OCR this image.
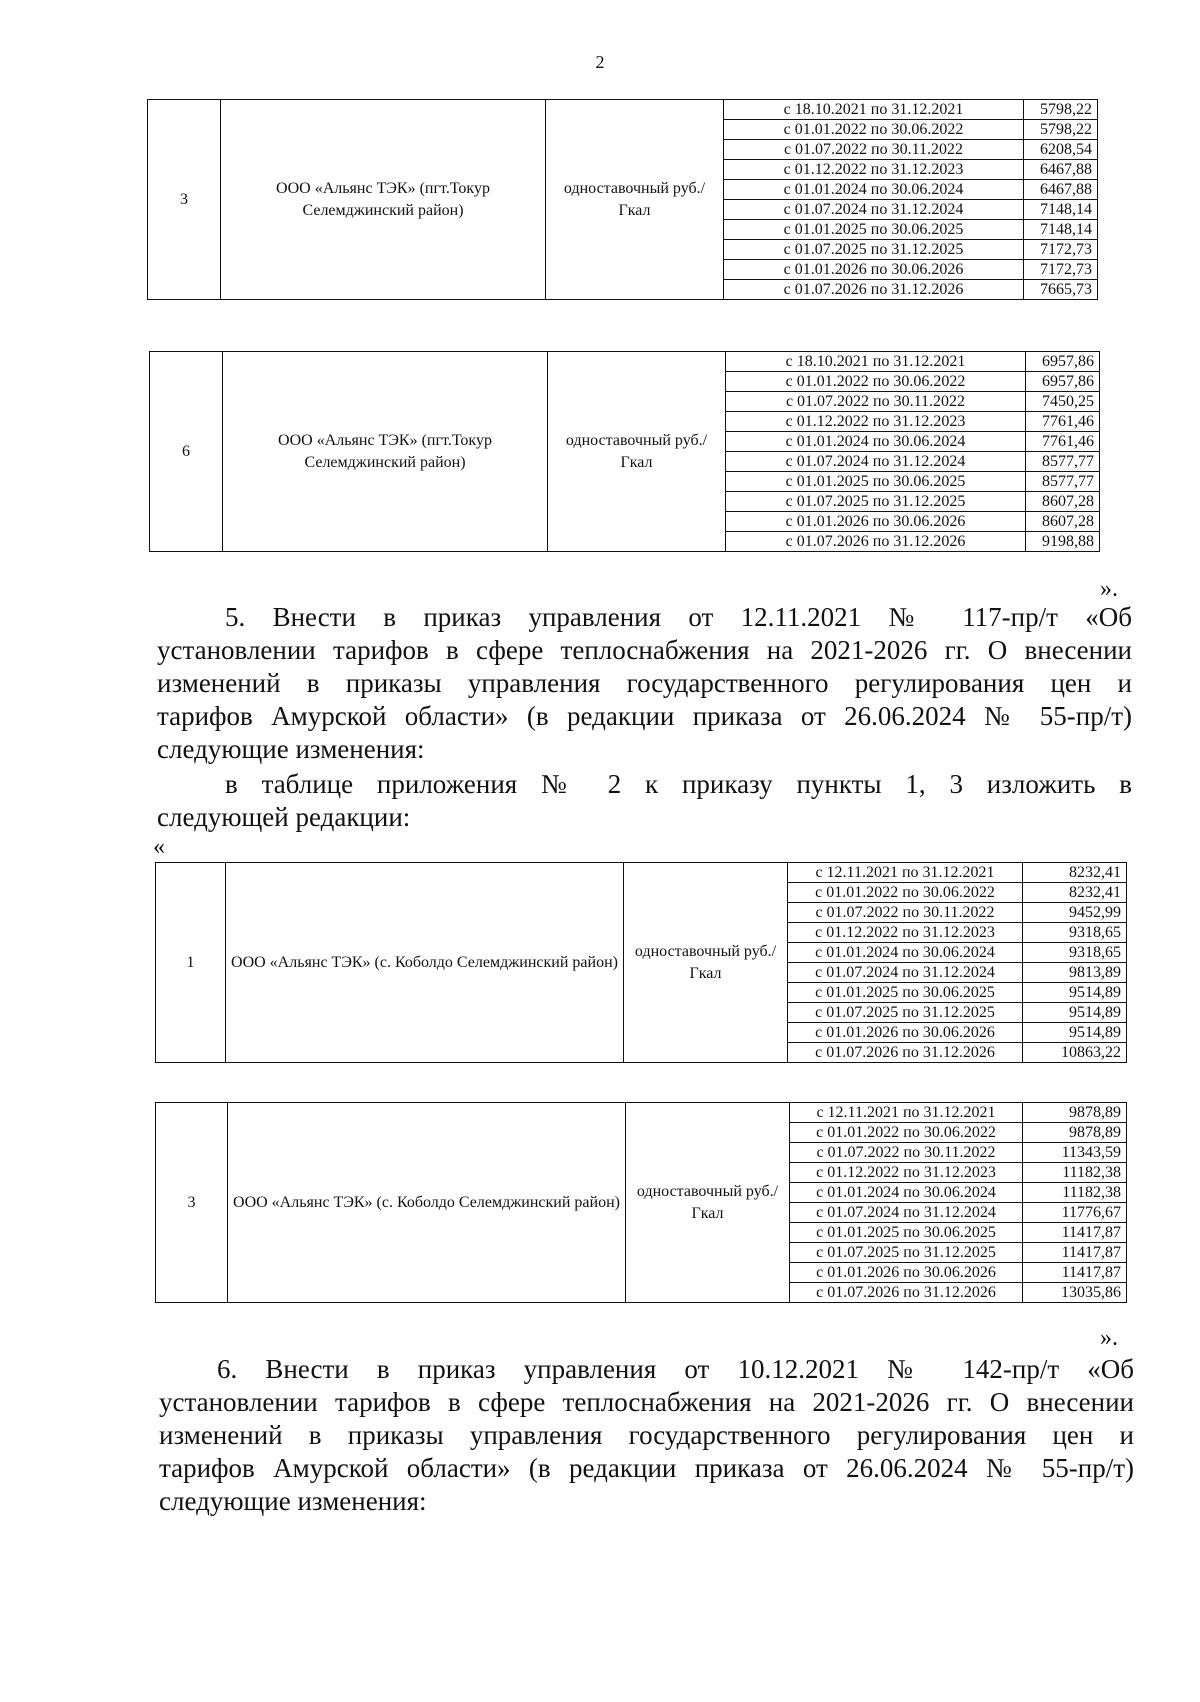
2
3	ООО «Альянс ТЭК» (пгт.Токур Селемджинский район)	одноставочный руб./Гкал	с 18.10.2021 по 31.12.2021	5798,22
			с 01.01.2022 по 30.06.2022	5798,22
			с 01.07.2022 по 30.11.2022	6208,54
			с 01.12.2022 по 31.12.2023	6467,88
			с 01.01.2024 по 30.06.2024	6467,88
			с 01.07.2024 по 31.12.2024	7148,14
			с 01.01.2025 по 30.06.2025	7148,14
			с 01.07.2025 по 31.12.2025	7172,73
			с 01.01.2026 по 30.06.2026	7172,73
			с 01.07.2026 по 31.12.2026	7665,73
6	ООО «Альянс ТЭК» (пгт.Токур Селемджинский район)	одноставочный руб./Гкал	с 18.10.2021 по 31.12.2021	6957,86
			с 01.01.2022 по 30.06.2022	6957,86
			с 01.07.2022 по 30.11.2022	7450,25
			с 01.12.2022 по 31.12.2023	7761,46
			с 01.01.2024 по 30.06.2024	7761,46
			с 01.07.2024 по 31.12.2024	8577,77
			с 01.01.2025 по 30.06.2025	8577,77
			с 01.07.2025 по 31.12.2025	8607,28
			с 01.01.2026 по 30.06.2026	8607,28
			с 01.07.2026 по 31.12.2026	9198,88
».
5. Внести в приказ управления от 12.11.2021 № 117-пр/т «Об
установлении тарифов в сфере теплоснабжения на 2021-2026 гг. О внесении
изменений в приказы управления государственного регулирования цен и
тарифов Амурской области» (в редакции приказа от 26.06.2024 № 55-пр/т)
следующие изменения:
в таблице приложения № 2 к приказу пункты 1, 3 изложить в
следующей редакции:
«
1	ООО «Альянс ТЭК» (с. Коболдо Селемджинский район)	одноставочный руб./Гкал	с 12.11.2021 по 31.12.2021	8232,41
			с 01.01.2022 по 30.06.2022	8232,41
			с 01.07.2022 по 30.11.2022	9452,99
			с 01.12.2022 по 31.12.2023	9318,65
			с 01.01.2024 по 30.06.2024	9318,65
			с 01.07.2024 по 31.12.2024	9813,89
			с 01.01.2025 по 30.06.2025	9514,89
			с 01.07.2025 по 31.12.2025	9514,89
			с 01.01.2026 по 30.06.2026	9514,89
			с 01.07.2026 по 31.12.2026	10863,22
3	ООО «Альянс ТЭК» (с. Коболдо Селемджинский район)	одноставочный руб./Гкал	с 12.11.2021 по 31.12.2021	9878,89
			с 01.01.2022 по 30.06.2022	9878,89
			с 01.07.2022 по 30.11.2022	11343,59
			с 01.12.2022 по 31.12.2023	11182,38
			с 01.01.2024 по 30.06.2024	11182,38
			с 01.07.2024 по 31.12.2024	11776,67
			с 01.01.2025 по 30.06.2025	11417,87
			с 01.07.2025 по 31.12.2025	11417,87
			с 01.01.2026 по 30.06.2026	11417,87
			с 01.07.2026 по 31.12.2026	13035,86
».
6. Внести в приказ управления от 10.12.2021 № 142-пр/т «Об
установлении тарифов в сфере теплоснабжения на 2021-2026 гг. О внесении
изменений в приказы управления государственного регулирования цен и
тарифов Амурской области» (в редакции приказа от 26.06.2024 № 55-пр/т)
следующие изменения:
